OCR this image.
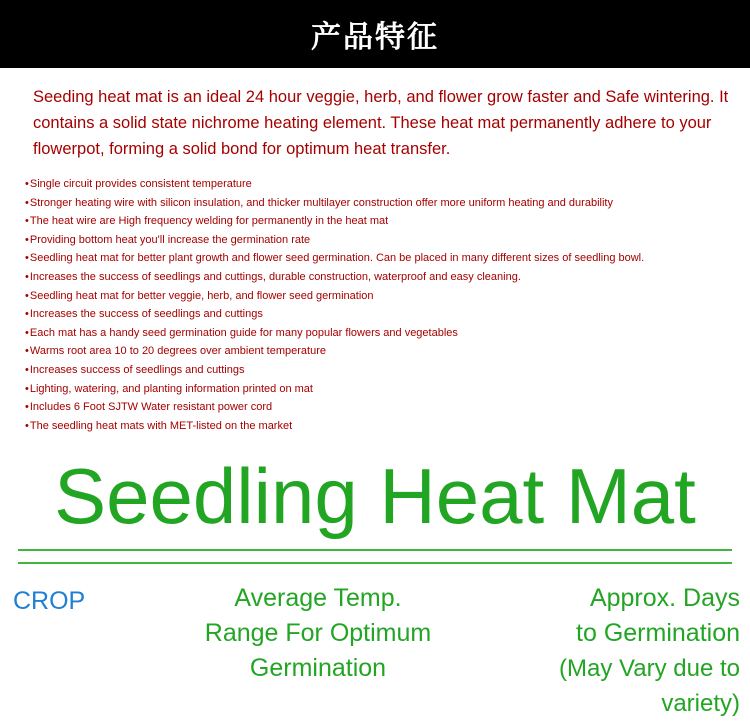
产品特征

Seeding heat mat is an ideal 24 hour veggie, herb, and flower grow faster and Safe wintering. It contains a solid state nichrome heating element. These heat mat permanently adhere to your flowerpot, forming a solid bond for optimum heat transfer.

• Single circuit provides consistent temperature
• Stronger heating wire with silicon insulation, and thicker multilayer construction offer more uniform heating and durability
• The heat wire are High frequency welding for permanently in the heat mat
• Providing bottom heat you'll increase the germination rate
• Seedling heat mat for better plant growth and flower seed germination. Can be placed in many different sizes of seedling bowl.
• Increases the success of seedlings and cuttings, durable construction, waterproof and easy cleaning.
• Seedling heat mat for better veggie, herb, and flower seed germination
• Increases the success of seedlings and cuttings
• Each mat has a handy seed germination guide for many popular flowers and vegetables
• Warms root area 10 to 20 degrees over ambient temperature
• Increases success of seedlings and cuttings
• Lighting, watering, and planting information printed on mat
• Includes 6 Foot SJTW Water resistant power cord
• The seedling heat mats with MET-listed on the market
Seedling Heat Mat
CROP	Average Temp.
Range For Optimum
Germination
Approx. Days
to Germination
(May Vary due to variety)
